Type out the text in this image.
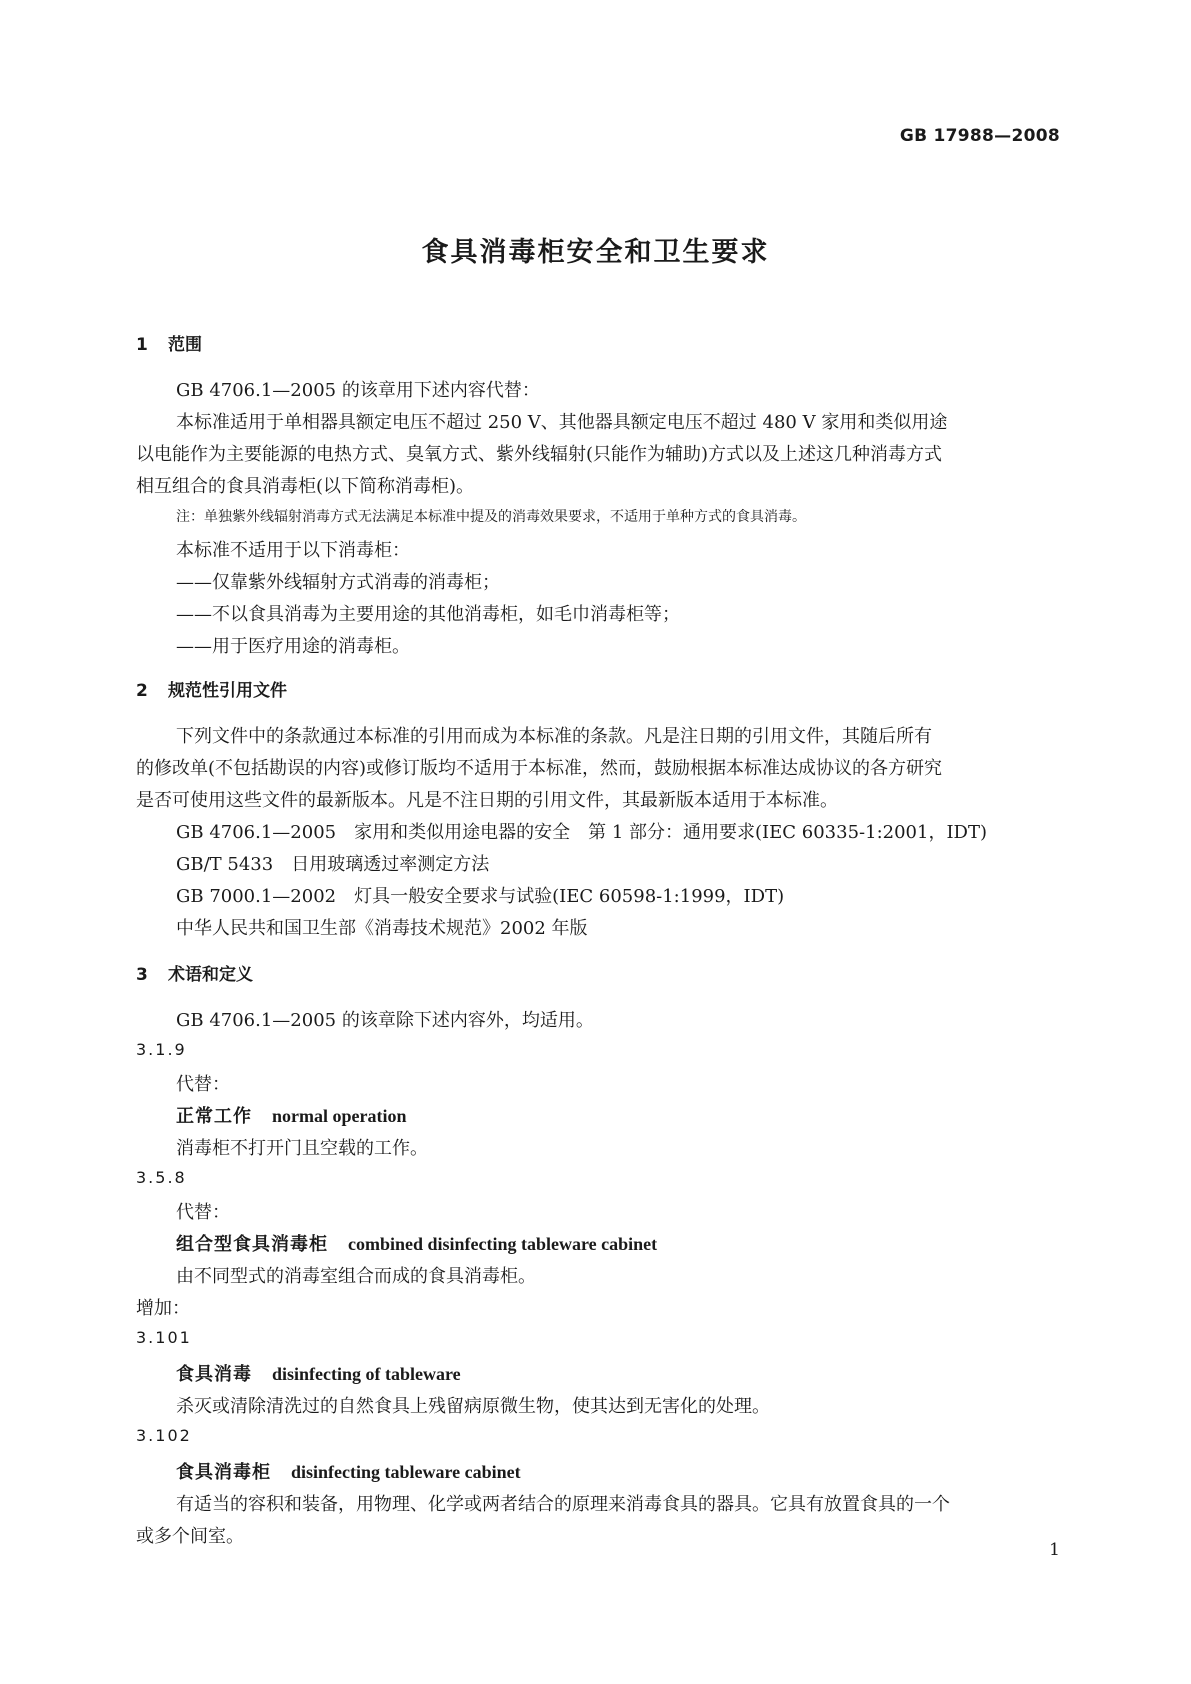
GB 17988—2008
食具消毒柜安全和卫生要求
1 范围
GB 4706.1—2005 的该章用下述内容代替：
本标准适用于单相器具额定电压不超过 250 V、其他器具额定电压不超过 480 V 家用和类似用途
以电能作为主要能源的电热方式、臭氧方式、紫外线辐射(只能作为辅助)方式以及上述这几种消毒方式
相互组合的食具消毒柜(以下简称消毒柜)。
注：单独紫外线辐射消毒方式无法满足本标准中提及的消毒效果要求，不适用于单种方式的食具消毒。
本标准不适用于以下消毒柜：
——仅靠紫外线辐射方式消毒的消毒柜；
——不以食具消毒为主要用途的其他消毒柜，如毛巾消毒柜等；
——用于医疗用途的消毒柜。
2 规范性引用文件
下列文件中的条款通过本标准的引用而成为本标准的条款。凡是注日期的引用文件，其随后所有
的修改单(不包括勘误的内容)或修订版均不适用于本标准，然而，鼓励根据本标准达成协议的各方研究
是否可使用这些文件的最新版本。凡是不注日期的引用文件，其最新版本适用于本标准。
GB 4706.1—2005　家用和类似用途电器的安全　第 1 部分：通用要求(IEC 60335-1:2001，IDT)
GB/T 5433　日用玻璃透过率测定方法
GB 7000.1—2002　灯具一般安全要求与试验(IEC 60598-1:1999，IDT)
中华人民共和国卫生部《消毒技术规范》2002 年版
3 术语和定义
GB 4706.1—2005 的该章除下述内容外，均适用。
3.1.9
代替：
正常工作 normal operation
消毒柜不打开门且空载的工作。
3.5.8
代替：
组合型食具消毒柜 combined disinfecting tableware cabinet
由不同型式的消毒室组合而成的食具消毒柜。
增加：
3.101
食具消毒 disinfecting of tableware
杀灭或清除清洗过的自然食具上残留病原微生物，使其达到无害化的处理。
3.102
食具消毒柜 disinfecting tableware cabinet
有适当的容积和装备，用物理、化学或两者结合的原理来消毒食具的器具。它具有放置食具的一个
或多个间室。
1
